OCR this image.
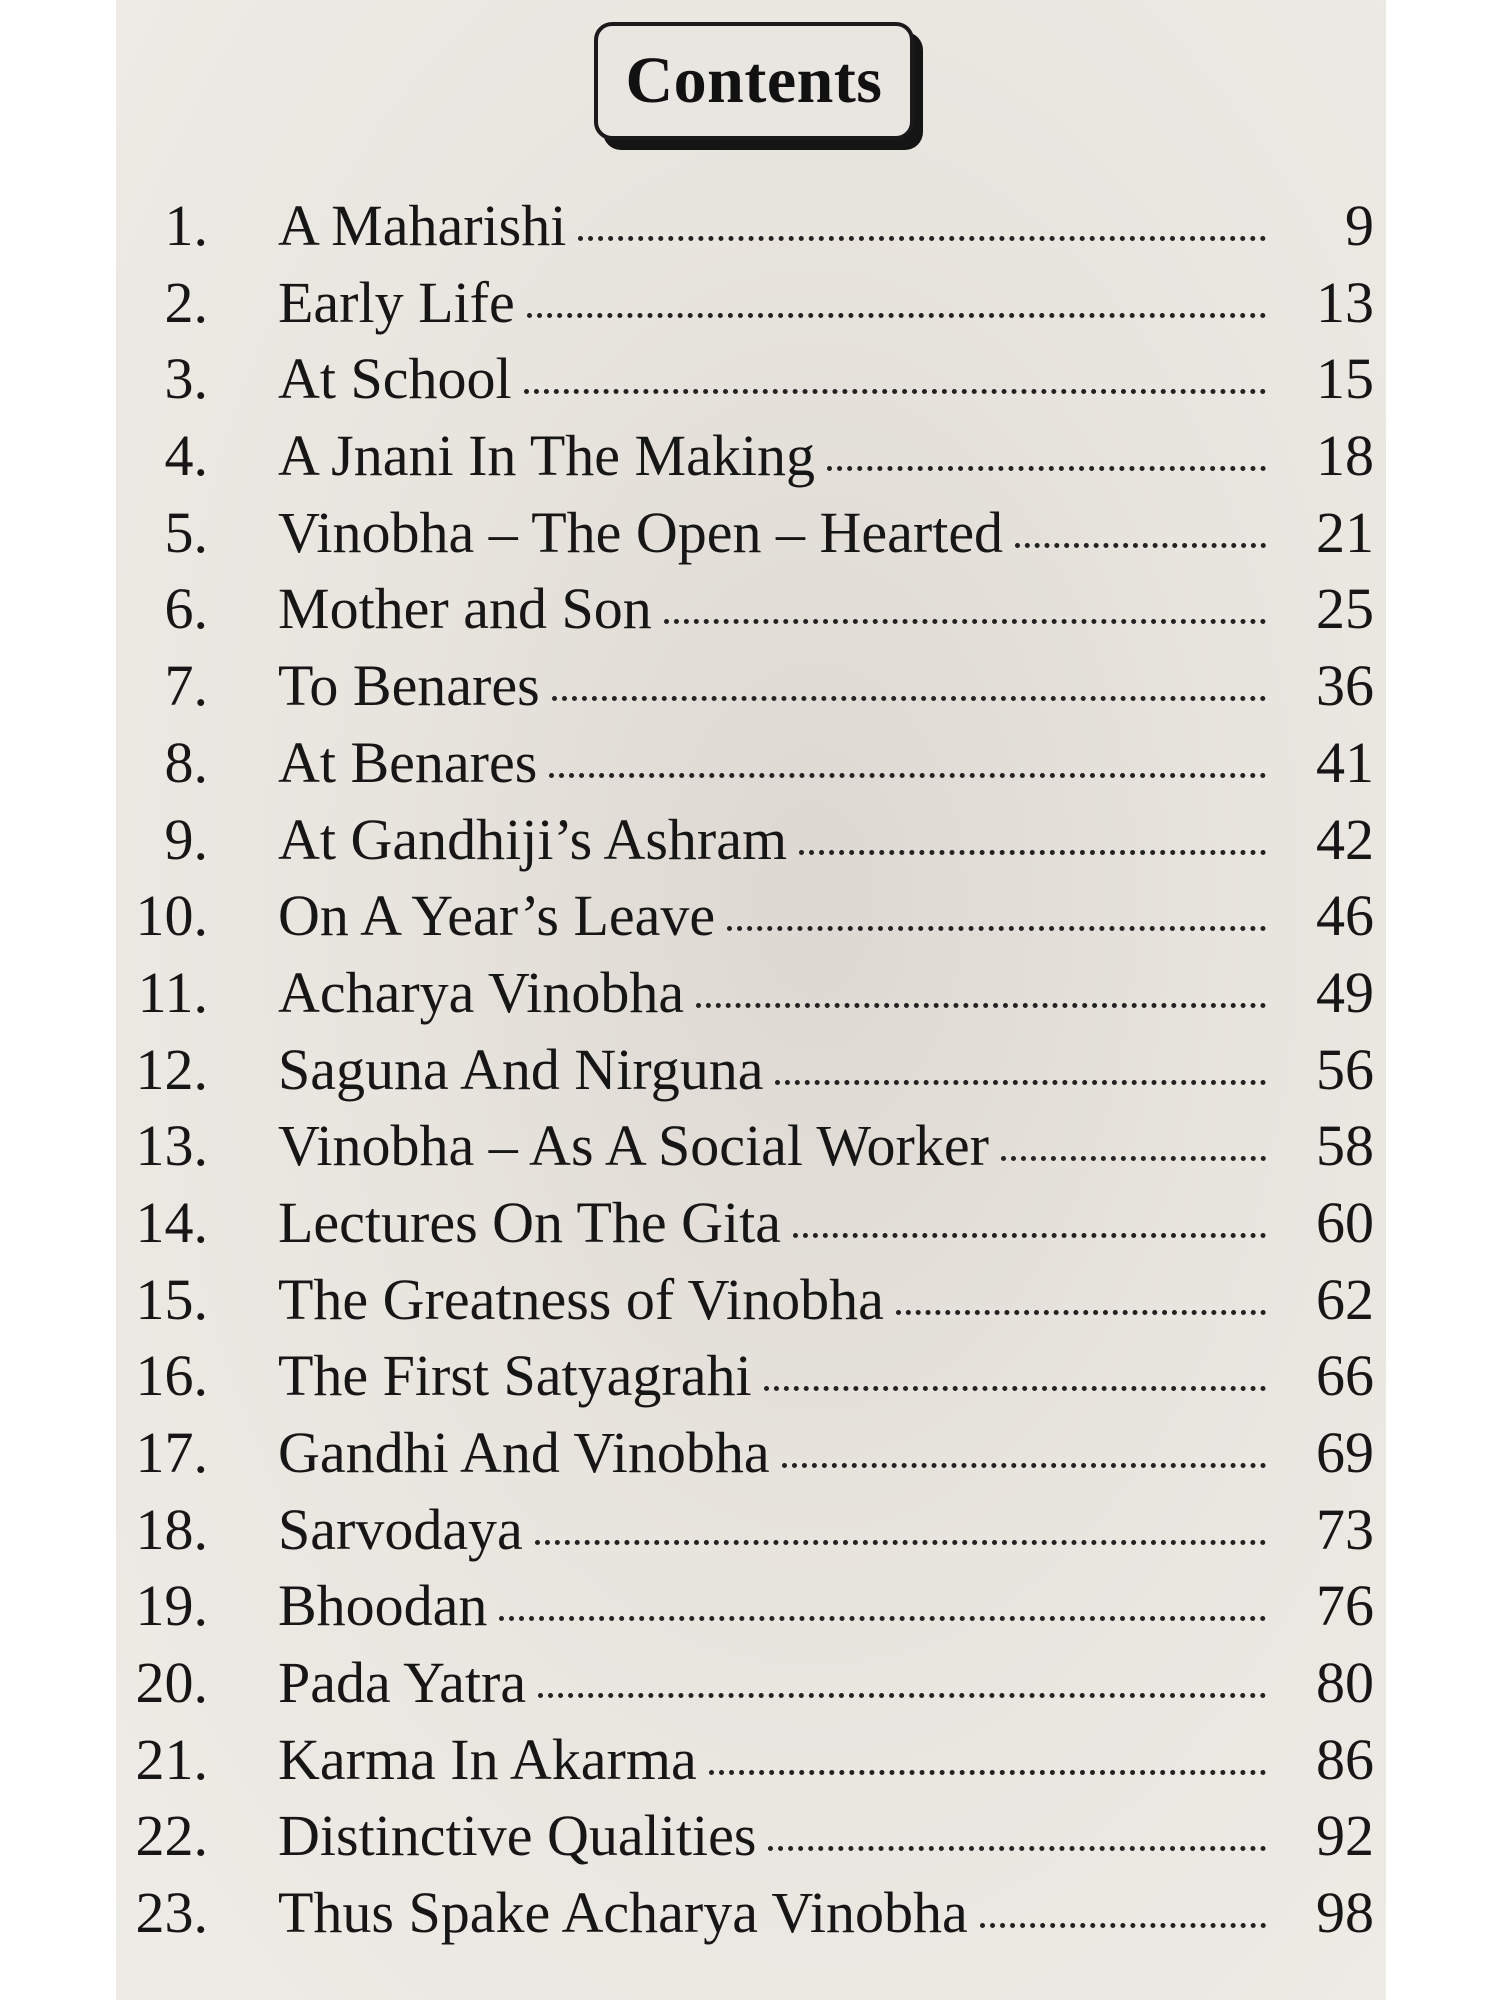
Contents
1. A Maharishi	9
2. Early Life	13
3. At School	15
4. A Jnani In The Making	18
5. Vinobha – The Open – Hearted	21
6. Mother and Son	25
7. To Benares	36
8. At Benares	41
9. At Gandhiji’s Ashram	42
10. On A Year’s Leave	46
11. Acharya Vinobha	49
12. Saguna And Nirguna	56
13. Vinobha – As A Social Worker	58
14. Lectures On The Gita	60
15. The Greatness of Vinobha	62
16. The First Satyagrahi	66
17. Gandhi And Vinobha	69
18. Sarvodaya	73
19. Bhoodan	76
20. Pada Yatra	80
21. Karma In Akarma	86
22. Distinctive Qualities	92
23. Thus Spake Acharya Vinobha	98
